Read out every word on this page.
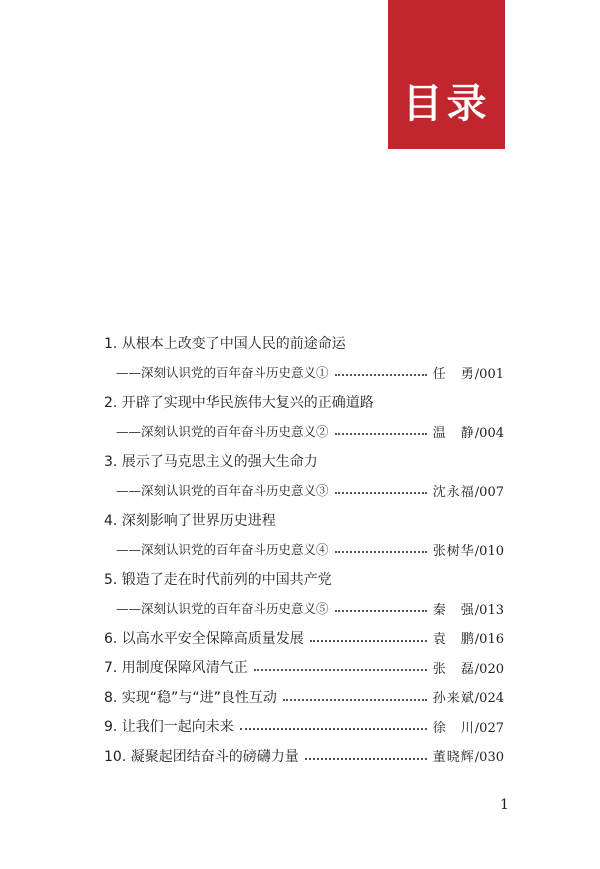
目录
1. 从根本上改变了中国人民的前途命运
——深刻认识党的百年奋斗历史意义①	任　勇/001
2. 开辟了实现中华民族伟大复兴的正确道路
——深刻认识党的百年奋斗历史意义②	温　静/004
3. 展示了马克思主义的强大生命力
——深刻认识党的百年奋斗历史意义③	沈永福/007
4. 深刻影响了世界历史进程
——深刻认识党的百年奋斗历史意义④	张树华/010
5. 锻造了走在时代前列的中国共产党
——深刻认识党的百年奋斗历史意义⑤	秦　强/013
6. 以高水平安全保障高质量发展	袁　鹏/016
7. 用制度保障风清气正	张　磊/020
8. 实现“稳”与“进”良性互动	孙来斌/024
9. 让我们一起向未来	徐　川/027
10. 凝聚起团结奋斗的磅礴力量	董晓辉/030
1
